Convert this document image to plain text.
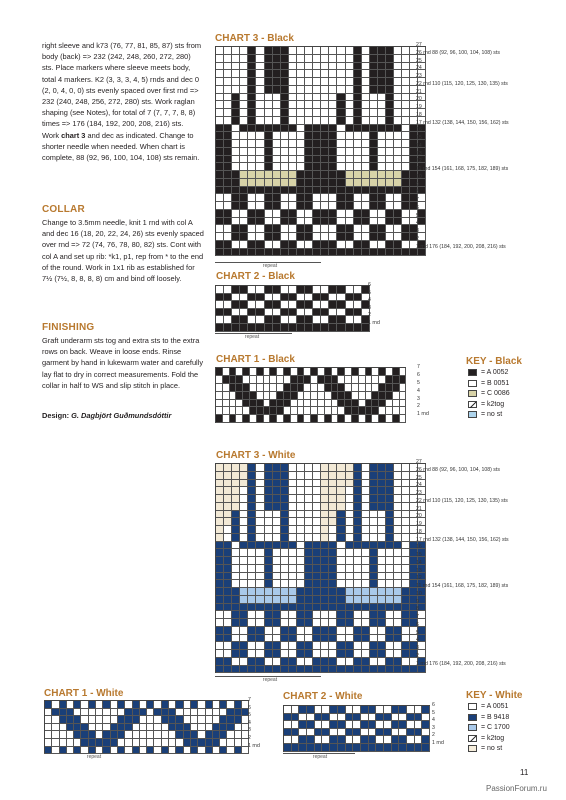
right sleeve and k73 (76, 77, 81, 85, 87) sts from body (back) => 232 (242, 248, 260, 272, 280) sts. Place markers where sleeve meets body, total 4 markers. K2 (3, 3, 3, 4, 5) rnds and dec 0 (2, 0, 4, 0, 0) sts evenly spaced over first rnd => 232 (240, 248, 256, 272, 280) sts. Work raglan shaping (see Notes), for total of 7 (7, 7, 7, 8, 8) times => 176 (184, 192, 200, 208, 216) sts. Work chart 3 and dec as indicated. Change to shorter needle when needed. When chart is complete, 88 (92, 96, 100, 104, 108) sts remain.
COLLAR
Change to 3.5mm needle, knit 1 rnd with col A and dec 16 (18, 20, 22, 24, 26) sts evenly spaced over rnd => 72 (74, 76, 78, 80, 82) sts. Cont with col A and set up rib: *k1, p1, rep from * to the end of the round. Work in 1x1 rib as established for 7½ (7½, 8, 8, 8, 8) cm and bind off loosely.
FINISHING
Graft underarm sts tog and extra sts to the extra rows on back. Weave in loose ends. Rinse garment by hand in lukewarm water and carefully lay flat to dry in correct measurements. Fold the collar in half to WS and slip stitch in place.
Design: G. Dagbjört Guðmundsdóttir
CHART 3 - Black
CHART 2 - Black
CHART 1 - Black
CHART 3 - White
CHART 1 - White	CHART 2 - White
27
26 rnd 88 (92, 96, 100, 104, 108) sts
25
24
23
22 rnd 110 (115, 120, 125, 130, 135) sts
21
20
19
18
17 rnd 132 (138, 144, 150, 156, 162) sts
16
15
14
13
12
11 rnd 154 (161, 168, 175, 182, 189) sts
10
9
8
7
6
5
4
3
2
1 rnd 176 (184, 192, 200, 208, 216) sts
6
5
4
3
2
1 rnd
7
6
5
4
3
2
1 rnd
27
26 rnd 88 (92, 96, 100, 104, 108) sts
25
24
23
22 rnd 110 (115, 120, 125, 130, 135) sts
21
20
19
18
17 rnd 132 (138, 144, 150, 156, 162) sts
16
15
14
13
12
11 rnd 154 (161, 168, 175, 182, 189) sts
10
9
8
7
6
5
4
3
2
1 rnd 176 (184, 192, 200, 208, 216) sts
7
6
5
4
3
2
1 rnd
6
5
4
3
2
1 rnd
repeat
repeat
repeat
repeat	repeat
KEY - Black
= A 0052
= B 0051
= C 0086
= k2tog
= no st
KEY - White
= A 0051
= B 9418
= C 1700
= k2tog
= no st
11
PassionForum.ru
